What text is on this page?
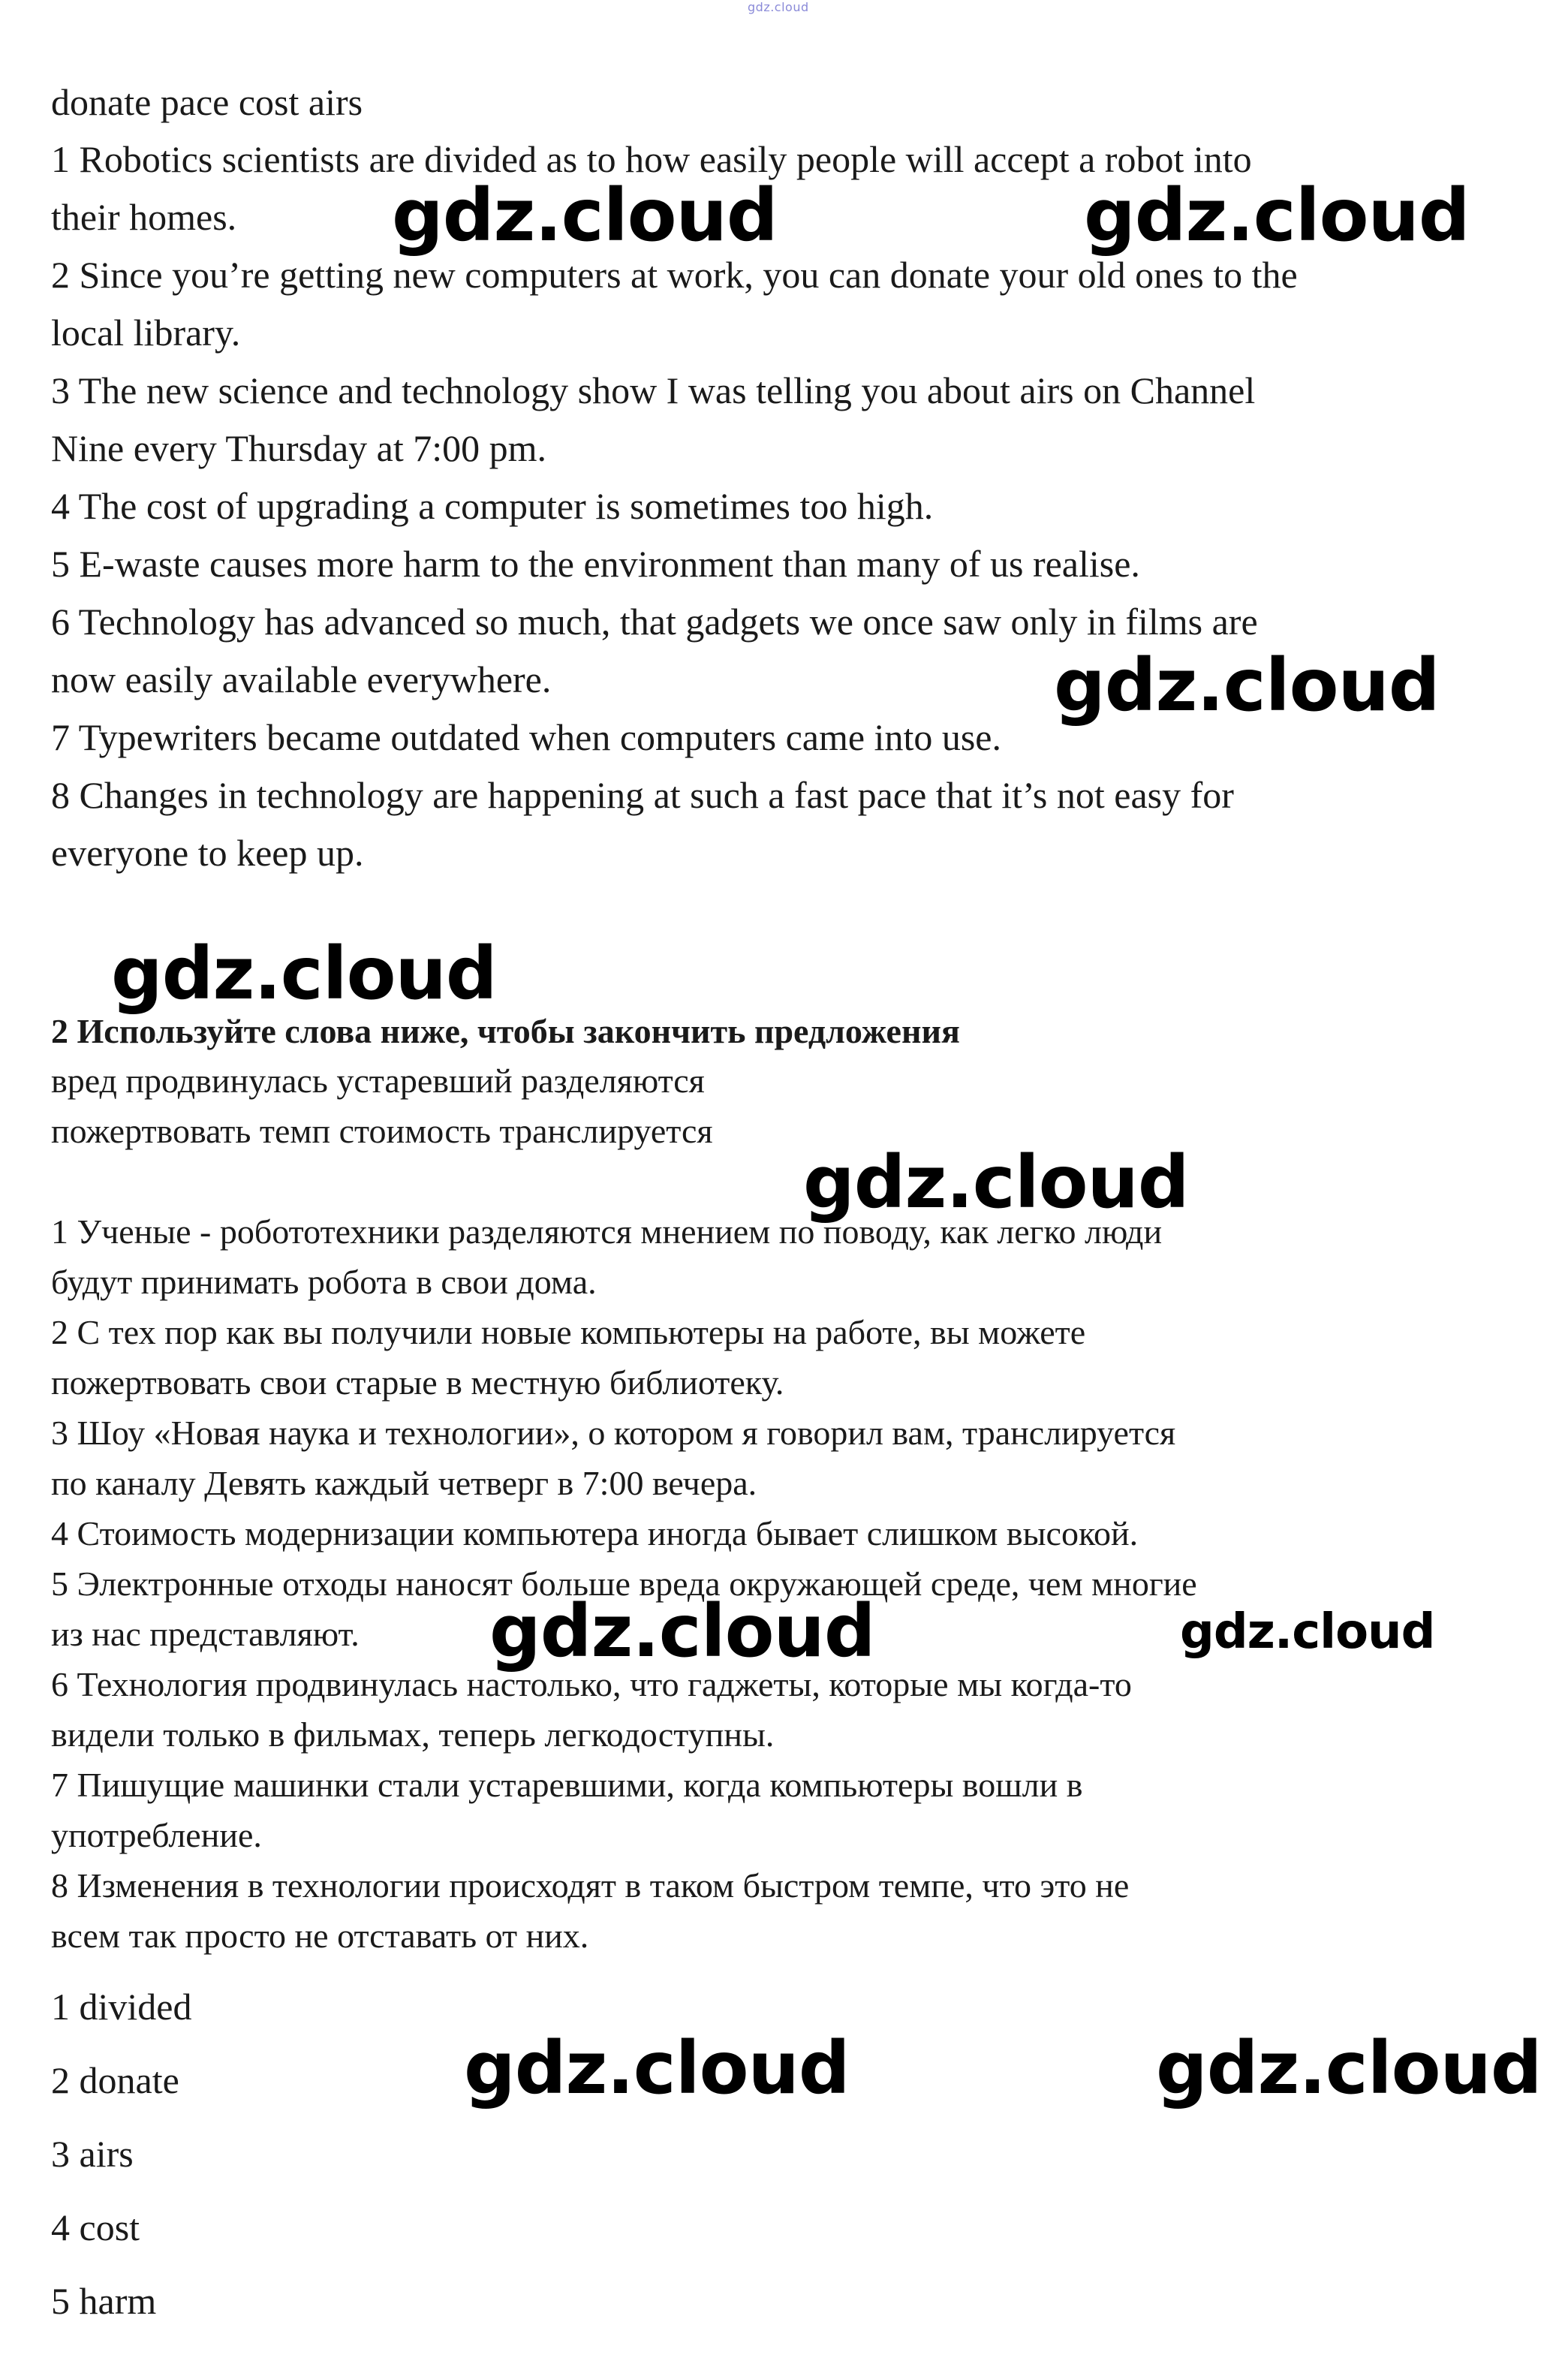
gdz.cloud
donate pace cost airs
1 Robotics scientists are divided as to how easily people will accept a robot into
their homes.
2 Since you’re getting new computers at work, you can donate your old ones to the
local library.
3 The new science and technology show I was telling you about airs on Channel
Nine every Thursday at 7:00 pm.
4 The cost of upgrading a computer is sometimes too high.
5 E-waste causes more harm to the environment than many of us realise.
6 Technology has advanced so much, that gadgets we once saw only in films are
now easily available everywhere.
7 Typewriters became outdated when computers came into use.
8 Changes in technology are happening at such a fast pace that it’s not easy for
everyone to keep up.
2 Используйте слова ниже, чтобы закончить предложения
вред продвинулась устаревший разделяются
пожертвовать темп стоимость транслируется
1 Ученые - робототехники разделяются мнением по поводу, как легко люди
будут принимать робота в свои дома.
2 С тех пор как вы получили новые компьютеры на работе, вы можете
пожертвовать свои старые в местную библиотеку.
3 Шоу «Новая наука и технологии», о котором я говорил вам, транслируется
по каналу Девять каждый четверг в 7:00 вечера.
4 Стоимость модернизации компьютера иногда бывает слишком высокой.
5 Электронные отходы наносят больше вреда окружающей среде, чем многие
из нас представляют.
6 Технология продвинулась настолько, что гаджеты, которые мы когда-то
видели только в фильмах, теперь легкодоступны.
7 Пишущие машинки стали устаревшими, когда компьютеры вошли в
употребление.
8 Изменения в технологии происходят в таком быстром темпе, что это не
всем так просто не отставать от них.
1 divided
2 donate
3 airs
4 cost
5 harm
gdz.cloud	gdz.cloud
gdz.cloud
gdz.cloud
gdz.cloud
gdz.cloud	gdz.cloud
gdz.cloud	gdz.cloud
